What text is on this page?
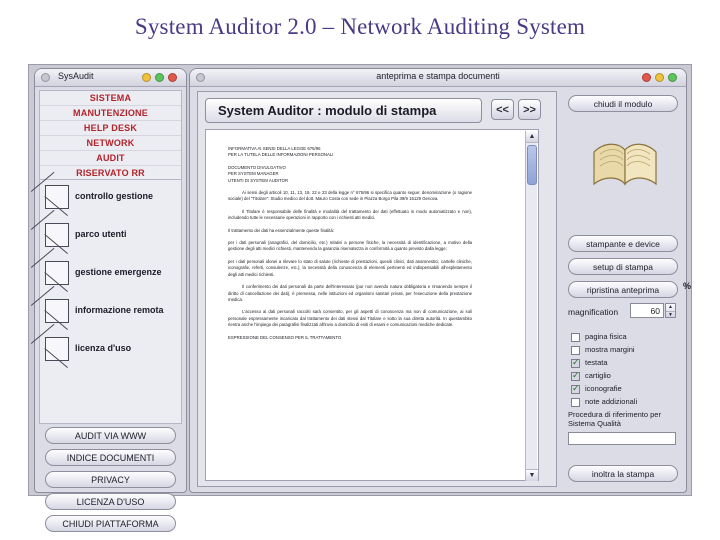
System Auditor 2.0 – Network Auditing System
SysAudit
SISTEMA
MANUTENZIONE
HELP DESK
NETWORK
AUDIT
RISERVATO RR
controllo gestione
parco utenti
gestione emergenze
informazione remota
licenza d'uso
AUDIT VIA WWW
INDICE DOCUMENTI
PRIVACY
LICENZA D'USO
CHIUDI PIATTAFORMA
anteprima e stampa documenti
System Auditor : modulo di stampa	<<	>>

INFORMATIVA AI SENSI DELLA LEGGE 675/96

PER LA TUTELA DELLE INFORMAZIONI PERSONALI

DOCUMENTO DIVULGATIVO

PER SYSTEM MANAGER

UTENTI DI SYSTEM AUDITOR

Ai sensi degli articoli 10, 11, 13, 19, 22 e 23 della legge n° 675/96 si specifica quanto segue: denominazione (o ragione sociale) del "Titolare": Studio medico del dott. Mauro Costa con sede in Piazza Borgo Pila 39/9 16129 Genova.

Il Titolare è responsabile delle finalità e modalità del trattamento dei dati (effettuato in modo automatizzato e non), includendo tutte le necessarie operazioni in rapporto con i richiesti atti medici.

Il trattamento dei dati ha essenzialmente queste finalità:

per i dati personali (anagrafici, del domicilio, etc.) relativi a persone fisiche, la necessità di identificazione, a motivo della gestione degli atti medici richiesti, mantenendo la garanzia riservatezza in conformità a quanto previsto dalla legge;

per i dati personali idonei a rilevare lo stato di salute (richieste di prestazioni, quesiti clinici, dati anamnestici, cartelle cliniche, iconografie, referti, consulenze, etc.), la necessità della conoscenza di elementi pertinenti ed indispensabili all'espletamento degli atti medici richiesti.

Il conferimento dei dati personali da parte dell'interessato (pur non avendo natura obbligatoria e rimanendo sempre il diritto di cancellazione dei dati), è premessa, nelle istituzioni ed organismi sanitari privati, per l'esecuzione della prestazione medica.

L'accesso ai dati personali raccolti sarà consentito, per gli aspetti di conoscenza ma non di comunicazione, ai soli personale espressamente incaricato dal trattamento dei dati stessi dal Titolare e sotto la sua diretta autorità. In questambito rientra anche l'impiego dei paragrafisi finalizzati all'invio a domicilio di esiti di esami e comunicazioni mediche dedicate.

ESPRESSIONE DEL CONSENSO PER IL TRATTAMENTO

▲
▼
chiudi il modulo
stampante e device
setup di stampa
ripristina anteprima	%
magnification	60	▲
▼
pagina fisica
mostra margini
✓
testata
✓
cartiglio
✓
iconografie
note addizionali
Procedura di riferimento per Sistema Qualità
inoltra la stampa
